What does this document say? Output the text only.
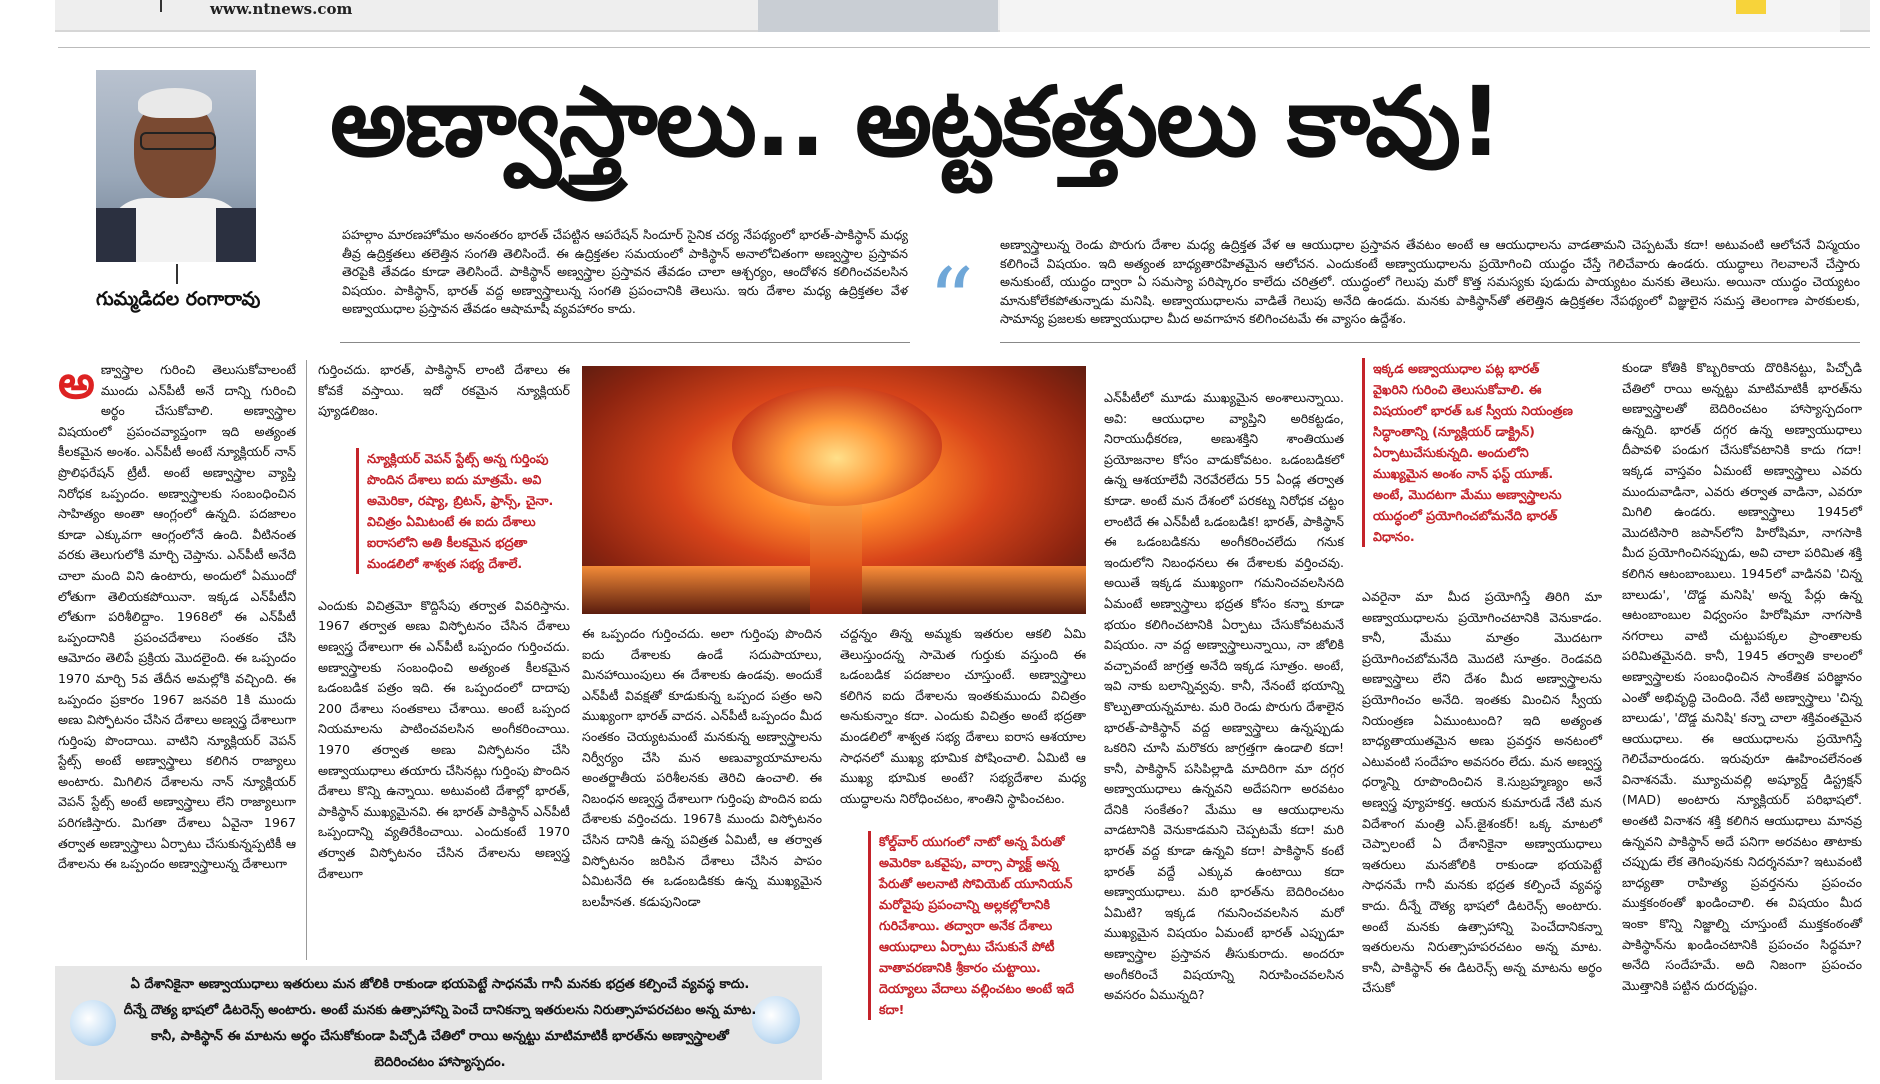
www.ntnews.com
గుమ్మడిదల రంగారావు
అణ్వాస్త్రాలు.. అట్టకత్తులు కావు!
పహల్గాం మారణహోమం అనంతరం భారత్ చేపట్టిన ఆపరేషన్ సిందూర్ సైనిక చర్య నేపథ్యంలో భారత్-పాకిస్థాన్ మధ్య తీవ్ర ఉద్రిక్తతలు తలెత్తిన సంగతి తెలిసిందే. ఈ ఉద్రిక్తతల సమయంలో పాకిస్థాన్ అనాలోచితంగా అణ్వస్త్రాల ప్రస్తావన తెరపైకి తేవడం కూడా తెలిసిందే. పాకిస్థాన్ అణ్వస్త్రాల ప్రస్తావన తేవడం చాలా ఆశ్చర్యం, ఆందోళన కలిగించవలసిన విషయం. పాకిస్థాన్, భారత్ వద్ద అణ్వాస్త్రాలున్న సంగతి ప్రపంచానికి తెలుసు. ఇరు దేశాల మధ్య ఉద్రిక్తతల వేళ అణ్వాయుధాల ప్రస్తావన తేవడం ఆషామాషీ వ్యవహారం కాదు.	“
అణ్వాస్త్రాలున్న రెండు పొరుగు దేశాల మధ్య ఉద్రిక్తత వేళ ఆ ఆయుధాల ప్రస్తావన తేవటం అంటే ఆ ఆయుధాలను వాడతామని చెప్పటమే కదా! అటువంటి ఆలోచనే విస్మయం కలిగించే విషయం. ఇది అత్యంత బాధ్యతారహితమైన ఆలోచన. ఎందుకంటే అణ్వాయుధాలను ప్రయోగించి యుద్ధం చేస్తే గెలిచేవారు ఉండరు. యుద్ధాలు గెలవాలనే చేస్తారు అనుకుంటే, యుద్ధం ద్వారా ఏ సమస్యా పరిష్కారం కాలేదు చరిత్రలో. యుద్ధంలో గెలుపు మరో కొత్త సమస్యకు పుడుదు పాయ్యటం మనకు తెలుసు. అయినా యుద్ధం చెయ్యటం మానుకోలేకపోతున్నాడు మనిషి. అణ్వాయుధాలను వాడితే గెలుపు అనేది ఉండదు. మనకు పాకిస్థాన్‌తో తలెత్తిన ఉద్రిక్తతల నేపథ్యంలో విజ్ఞులైన సమస్త తెలంగాణ పాఠకులకు, సామాన్య ప్రజలకు అణ్వాయుధాల మీద అవగాహన కలిగించటమే ఈ వ్యాసం ఉద్దేశం.
అణ్వాస్త్రాల గురించి తెలుసుకోవాలంటే ముందు ఎన్‌పీటీ అనే దాన్ని గురించి అర్థం చేసుకోవాలి. అణ్వాస్త్రాల విషయంలో ప్రపంచవ్యాప్తంగా ఇది అత్యంత కీలకమైన అంశం. ఎన్‌పీటీ అంటే న్యూక్లియర్ నాన్ ప్రొలిఫరేషన్ ట్రీటీ. అంటే అణ్వాస్త్రాల వ్యాప్తి నిరోధక ఒప్పందం. అణ్వాస్త్రాలకు సంబంధించిన సాహిత్యం అంతా ఆంగ్లంలో ఉన్నది. పదజాలం కూడా ఎక్కువగా ఆంగ్లంలోనే ఉంది. వీటినంత వరకు తెలుగులోకి మార్చి చెప్తాను. ఎన్‌పీటీ అనేది చాలా మంది విని ఉంటారు, అందులో ఏముందో లోతుగా తెలియకపోయినా. ఇక్కడ ఎన్‌పీటీని లోతుగా పరిశీలిద్దాం. 1968లో ఈ ఎన్‌పీటీ ఒప్పందానికి ప్రపంచదేశాలు సంతకం చేసి ఆమోదం తెలిపే ప్రక్రియ మొదలైంది. ఈ ఒప్పందం 1970 మార్చి 5వ తేదీన అమల్లోకి వచ్చింది. ఈ ఒప్పందం ప్రకారం 1967 జనవరి 1కి ముందు అణు విస్ఫోటనం చేసిన దేశాలు అణ్వస్త్ర దేశాలుగా గుర్తింపు పొందాయి. వాటిని న్యూక్లియర్ వెపన్ స్టేట్స్ అంటే అణ్వాస్త్రాలు కలిగిన రాజ్యాలు అంటారు. మిగిలిన దేశాలను నాన్ న్యూక్లియర్ వెపన్ స్టేట్స్ అంటే అణ్వాస్త్రాలు లేని రాజ్యాలుగా పరిగణిస్తారు. మిగతా దేశాలు ఏవైనా 1967 తర్వాత అణ్వాస్త్రాలు ఏర్పాటు చేసుకున్నప్పటికీ ఆ దేశాలను ఈ ఒప్పందం అణ్వాస్త్రాలున్న దేశాలుగా
గుర్తించదు. భారత్, పాకిస్థాన్ లాంటి దేశాలు ఈ కోవకే వస్తాయి. ఇదో రకమైన న్యూక్లియర్ ప్యూడలిజం.
న్యూక్లియర్ వెపన్ స్టేట్స్ అన్న గుర్తింపు పొందిన దేశాలు ఐదు మాత్రమే. అవి అమెరికా, రష్యా, బ్రిటన్, ఫ్రాన్స్, చైనా. విచిత్రం ఏమిటంటే ఈ ఐదు దేశాలు ఐరాసలోని అతి కీలకమైన భద్రతా మండలిలో శాశ్వత సభ్య దేశాలే.
ఎందుకు విచిత్రమో కొద్దిసేపు తర్వాత వివరిస్తాను. 1967 తర్వాత అణు విస్ఫోటనం చేసిన దేశాలు అణ్వస్త్ర దేశాలుగా ఈ ఎన్‌పీటీ ఒప్పందం గుర్తించదు. అణ్వాస్త్రాలకు సంబంధించి అత్యంత కీలకమైన ఒడంబడిక పత్రం ఇది. ఈ ఒప్పందంలో దాదాపు 200 దేశాలు సంతకాలు చేశాయి. అంటే ఒప్పంద నియమాలను పాటించవలసిన అంగీకరించాయి. 1970 తర్వాత అణు విస్ఫోటనం చేసి అణ్వాయుధాలు తయారు చేసినట్లు గుర్తింపు పొందిన దేశాలు కొన్ని ఉన్నాయి. అటువంటి దేశాల్లో భారత్, పాకిస్థాన్ ముఖ్యమైనవి. ఈ భారత్ పాకిస్థాన్ ఎన్‌పీటీ ఒప్పందాన్ని వ్యతిరేకించాయి. ఎందుకంటే 1970 తర్వాత విస్ఫోటనం చేసిన దేశాలను అణ్వస్త్ర దేశాలుగా
ఈ ఒప్పందం గుర్తించదు. అలా గుర్తింపు పొందిన ఐదు దేశాలకు ఉండే సదుపాయాలు, మినహాయింపులు ఈ దేశాలకు ఉండవు. అందుకే ఎన్‌పీటీ వివక్షతో కూడుకున్న ఒప్పంద పత్రం అని ముఖ్యంగా భారత్ వాదన. ఎన్‌పీటీ ఒప్పందం మీద సంతకం చెయ్యటమంటే మనకున్న అణ్వాస్త్రాలను నిర్వీర్యం చేసి మన అణువ్యాయామాలను అంతర్జాతీయ పరిశీలనకు తెరిచి ఉంచాలి. ఈ నిబంధన అణ్వస్త్ర దేశాలుగా గుర్తింపు పొందిన ఐదు దేశాలకు వర్తించదు. 1967కి ముందు విస్ఫోటనం చేసిన దానికి ఉన్న పవిత్రత ఏమిటీ, ఆ తర్వాత విస్ఫోటనం జరిపిన దేశాలు చేసిన పాపం ఏమిటనేది ఈ ఒడంబడికకు ఉన్న ముఖ్యమైన బలహీనత. కడుపునిండా
చద్దన్నం తిన్న అమ్మకు ఇతరుల ఆకలి ఏమి తెలుస్తుందన్న సామెత గుర్తుకు వస్తుంది ఈ ఒడంబడిక పదజాలం చూస్తుంటే. అణ్వాస్త్రాలు కలిగిన ఐదు దేశాలను ఇంతకుముందు విచిత్రం అనుకున్నాం కదా. ఎందుకు విచిత్రం అంటే భద్రతా మండలిలో శాశ్వత సభ్య దేశాలు ఐరాస ఆశయాల సాధనలో ముఖ్య భూమిక పోషించాలి. ఏమిటి ఆ ముఖ్య భూమిక అంటే? సభ్యదేశాల మధ్య యుద్ధాలను నిరోధించటం, శాంతిని స్థాపించటం.
కోల్డ్‌వార్ యుగంలో నాటో అన్న పేరుతో అమెరికా ఒకవైపు, వార్సా ప్యాక్ట్ అన్న పేరుతో అలనాటి సోవియెట్ యూనియన్ మరోవైపు ప్రపంచాన్ని అల్లకల్లోలానికి గురిచేశాయి. తద్వారా అనేక దేశాలు ఆయుధాలు ఏర్పాటు చేసుకునే పోటీ వాతావరణానికి శ్రీకారం చుట్టాయి. దెయ్యాలు వేదాలు వల్లించటం అంటే ఇదే కదా!
ఎన్‌పీటీలో మూడు ముఖ్యమైన అంశాలున్నాయి. అవి: ఆయుధాల వ్యాప్తిని అరికట్టడం, నిరాయుధీకరణ, అణుశక్తిని శాంతియుత ప్రయోజనాల కోసం వాడుకోవటం. ఒడంబడికలో ఉన్న ఆశయాలేవీ నెరవేరలేదు 55 ఏండ్ల తర్వాత కూడా. అంటే మన దేశంలో పరకట్న నిరోధక చట్టం లాంటిదే ఈ ఎన్‌పీటీ ఒడంబడిక! భారత్, పాకిస్థాన్ ఈ ఒడంబడికను అంగీకరించలేదు గనుక ఇందులోని నిబంధనలు ఈ దేశాలకు వర్తించవు. అయితే ఇక్కడ ముఖ్యంగా గమనించవలసినది ఏమంటే అణ్వాస్త్రాలు భద్రత కోసం కన్నా కూడా భయం కలిగించటానికి ఏర్పాటు చేసుకోవటమనే విషయం. నా వద్ద అణ్వాస్త్రాలున్నాయి, నా జోలికి వచ్చావంటే జాగ్రత్త అనేది ఇక్కడ సూత్రం. అంటే, ఇవి నాకు బలాన్నివ్వవు. కానీ, నేనంటే భయాన్ని కొల్పుతాయన్నమాట. మరి రెండు పొరుగు దేశాలైన భారత్-పాకిస్థాన్ వద్ద అణ్వాస్త్రాలు ఉన్నప్పుడు ఒకరిని చూసి మరొకరు జాగ్రత్తగా ఉండాలి కదా! కానీ, పాకిస్థాన్ పసిపిల్లాడి మాదిరిగా మా దగ్గర అణ్వాయుధాలు ఉన్నవని అదేపనిగా అరవటం దేనికి సంకేతం? మేము ఆ ఆయుధాలను వాడటానికి వెనుకాడమని చెప్పటమే కదా! మరి భారత్ వద్ద కూడా ఉన్నవి కదా! పాకిస్థాన్ కంటే భారత్ వద్దే ఎక్కువ ఉంటాయి కదా అణ్వాయుధాలు. మరి భారత్‌ను బెదిరించటం ఏమిటి? ఇక్కడ గమనించవలసిన మరో ముఖ్యమైన విషయం ఏమంటే భారత్ ఎప్పుడూ అణ్వాస్త్రాల ప్రస్తావన తీసుకురాదు. అందరూ అంగీకరించే విషయాన్ని నిరూపించవలసిన అవసరం ఏమున్నది?
ఇక్కడ అణ్వాయుధాల పట్ల భారత్ వైఖరిని గురించి తెలుసుకోవాలి. ఈ విషయంలో భారత్ ఒక స్వీయ నియంత్రణ సిద్ధాంతాన్ని (న్యూక్లియర్ డాక్ట్రిన్) ఏర్పాటుచేసుకున్నది. అందులోని ముఖ్యమైన అంశం నాన్ ఫస్ట్ యూజ్. అంటే, మొదటగా మేము అణ్వాస్త్రాలను యుద్ధంలో ప్రయోగించబోమనేది భారత్ విధానం.
ఎవరైనా మా మీద ప్రయోగిస్తే తిరిగి మా అణ్వాయుధాలను ప్రయోగించటానికి వెనుకాడం. కానీ, మేము మాత్రం మొదటగా ప్రయోగించబోమనేది మొదటి సూత్రం. రెండవది అణ్వాస్త్రాలు లేని దేశం మీద అణ్వాస్త్రాలను ప్రయోగించం అనేది. ఇంతకు మించిన స్వీయ నియంత్రణ ఏముంటుంది? ఇది అత్యంత బాధ్యతాయుతమైన అణు ప్రవర్తన అనటంలో ఎటువంటి సందేహం అవసరం లేదు. మన అణ్వస్త్ర ధర్మాన్ని రూపొందించిన కె.సుబ్రహ్మణ్యం అనే అణ్వస్త్ర వ్యూహకర్త. ఆయన కుమారుడే నేటి మన విదేశాంగ మంత్రి ఎస్.జైశంకర్! ఒక్క మాటలో చెప్పాలంటే ఏ దేశానికైనా అణ్వాయుధాలు ఇతరులు మనజోలికి రాకుండా భయపెట్టే సాధనమే గానీ మనకు భద్రత కల్పించే వ్యవస్థ కాదు. దీన్నే దౌత్య భాషలో డిటరెన్స్ అంటారు. అంటే మనకు ఉత్సాహాన్ని పెంచేదానికన్నా ఇతరులను నిరుత్సాహపరచటం అన్న మాట. కానీ, పాకిస్థాన్ ఈ డిటరెన్స్ అన్న మాటను అర్థం చేసుకో
కుండా కోతికి కొబ్బరికాయ దొరికినట్టు, పిచ్చోడి చేతిలో రాయి అన్నట్టు మాటిమాటికీ భారత్‌ను అణ్వాస్త్రాలతో బెదిరించటం హాస్యాస్పదంగా ఉన్నది. భారత్ దగ్గర ఉన్న అణ్వాయుధాలు దీపావళి పండుగ చేసుకోవటానికి కాదు గదా! ఇక్కడ వాస్తవం ఏమంటే అణ్వాస్త్రాలు ఎవరు ముందువాడినా, ఎవరు తర్వాత వాడినా, ఎవరూ మిగిలి ఉండరు. అణ్వాస్త్రాలు 1945లో మొదటిసారి జపాన్‌లోని హిరోషిమా, నాగసాకి మీద ప్రయోగించినప్పుడు, అవి చాలా పరిమిత శక్తి కలిగిన ఆటంబాంబులు. 1945లో వాడినవి 'చిన్న బాలుడు', 'దొడ్డ మనిషి' అన్న పేర్లు ఉన్న ఆటంబాంబుల విధ్వంసం హిరోషిమా నాగసాకి నగరాలు వాటి చుట్టుపక్కల ప్రాంతాలకు పరిమితమైనది. కానీ, 1945 తర్వాతి కాలంలో అణ్వాస్త్రాలకు సంబంధించిన సాంకేతిక పరిజ్ఞానం ఎంతో అభివృద్ధి చెందింది. నేటి అణ్వాస్త్రాలు 'చిన్న బాలుడు', 'దొడ్డ మనిషి' కన్నా చాలా శక్తివంతమైన ఆయుధాలు. ఈ ఆయుధాలను ప్రయోగిస్తే గెలిచేవారుండరు. ఇరువురూ ఊహించలేనంత వినాశనమే. మ్యూచువల్లి అష్యూర్డ్ డిస్ట్రక్షన్ (MAD) అంటారు న్యూక్లియర్ పరిభాషలో. అంతటి వినాశన శక్తి కలిగిన ఆయుధాలు మానవ్ర ఉన్నవని పాకిస్థాన్ అదే పనిగా అరవటం తాటాకు చప్పుడు లేక తెగింపునకు నిదర్శనమా? ఇటువంటి బాధ్యతా రాహిత్య ప్రవర్తనను ప్రపంచం ముక్తకంఠంతో ఖండించాలి. ఈ విషయం మీద ఇంకా కొన్ని నిజ్జాల్ని చూస్తుంటే ముక్తకంఠంతో పాకిస్థాన్‌ను ఖండించటానికి ప్రపంచం సిద్ధమా? అనేది సందేహమే. అది నిజంగా ప్రపంచం మొత్తానికి పట్టిన దురదృష్టం.
ఏ దేశానికైనా అణ్వాయుధాలు ఇతరులు మన జోలికి రాకుండా భయపెట్టే సాధనమే గానీ మనకు భద్రత కల్పించే వ్యవస్థ కాదు. దీన్నే దౌత్య భాషలో డిటరెన్స్ అంటారు. అంటే మనకు ఉత్సాహాన్ని పెంచే దానికన్నా ఇతరులను నిరుత్సాహపరచటం అన్న మాట. కానీ, పాకిస్థాన్ ఈ మాటను అర్థం చేసుకోకుండా పిచ్చోడి చేతిలో రాయి అన్నట్టు మాటిమాటికీ భారత్‌ను అణ్వాస్త్రాలతో బెదిరించటం హాస్యాస్పదం.
